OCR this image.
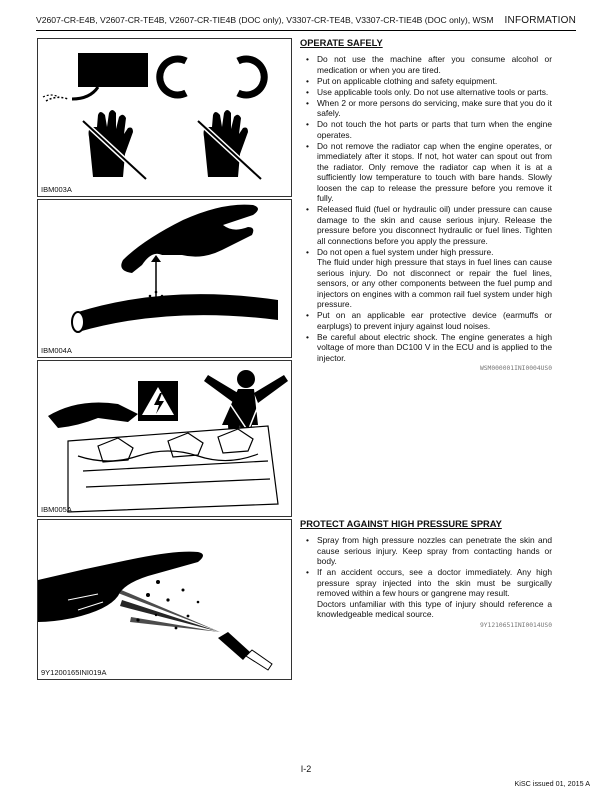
V2607-CR-E4B, V2607-CR-TE4B, V2607-CR-TIE4B (DOC only), V3307-CR-TE4B, V3307-CR-TIE4B (DOC only), WSM INFORMATION
IBM003A
IBM004A
IBM005A
9Y1200165INI019A
OPERATE SAFELY
• Do not use the machine after you consume alcohol or medication or when you are tired.
• Put on applicable clothing and safety equipment.
• Use applicable tools only. Do not use alternative tools or parts.
• When 2 or more persons do servicing, make sure that you do it safely.
• Do not touch the hot parts or parts that turn when the engine operates.
• Do not remove the radiator cap when the engine operates, or immediately after it stops. If not, hot water can spout out from the radiator. Only remove the radiator cap when it is at a sufficiently low temperature to touch with bare hands. Slowly loosen the cap to release the pressure before you remove it fully.
• Released fluid (fuel or hydraulic oil) under pressure can cause damage to the skin and cause serious injury. Release the pressure before you disconnect hydraulic or fuel lines. Tighten all connections before you apply the pressure.

• Do not open a fuel system under high pressure.

The fluid under high pressure that stays in fuel lines can cause serious injury. Do not disconnect or repair the fuel lines, sensors, or any other components between the fuel pump and injectors on engines with a common rail fuel system under high pressure.

• Put on an applicable ear protective device (earmuffs or earplugs) to prevent injury against loud noises.
• Be careful about electric shock. The engine generates a high voltage of more than DC100 V in the ECU and is applied to the injector.
WSM000001INI0004US0
PROTECT AGAINST HIGH PRESSURE SPRAY
• Spray from high pressure nozzles can penetrate the skin and cause serious injury. Keep spray from contacting hands or body.

• If an accident occurs, see a doctor immediately. Any high pressure spray injected into the skin must be surgically removed within a few hours or gangrene may result.

Doctors unfamiliar with this type of injury should reference a knowledgeable medical source.

9Y1210651INI0014US0
I-2
KiSC issued 01, 2015 A
